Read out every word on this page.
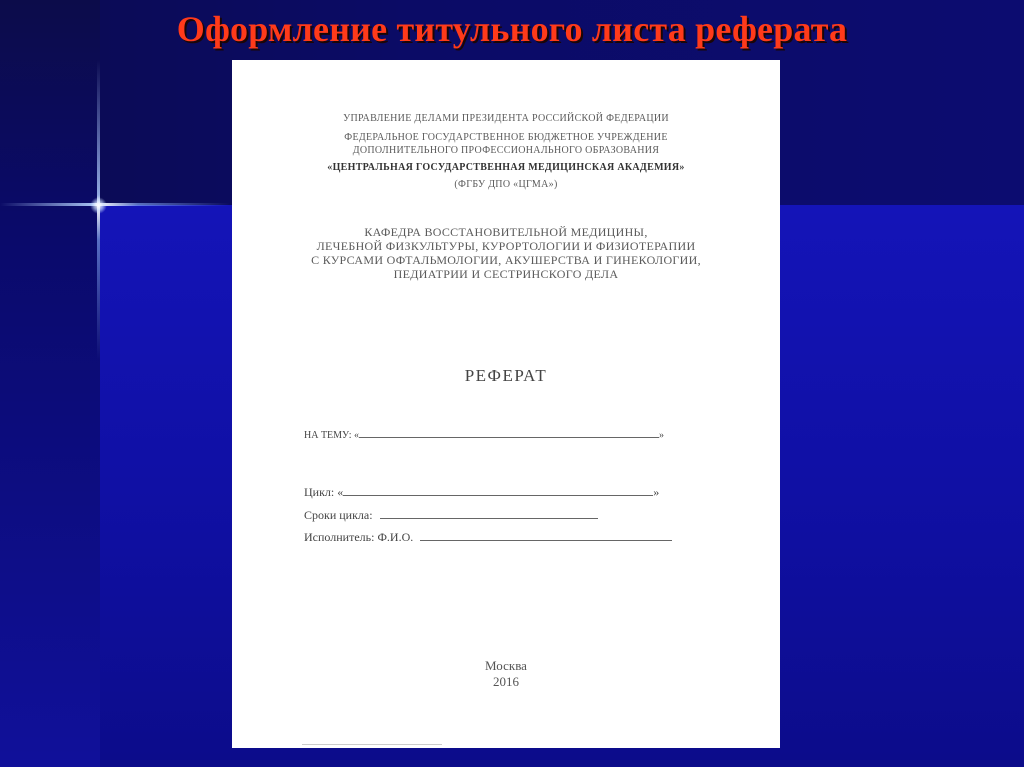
Оформление титульного листа реферата
УПРАВЛЕНИЕ ДЕЛАМИ ПРЕЗИДЕНТА РОССИЙСКОЙ ФЕДЕРАЦИИ
ФЕДЕРАЛЬНОЕ ГОСУДАРСТВЕННОЕ БЮДЖЕТНОЕ УЧРЕЖДЕНИЕ
ДОПОЛНИТЕЛЬНОГО ПРОФЕССИОНАЛЬНОГО ОБРАЗОВАНИЯ
«ЦЕНТРАЛЬНАЯ ГОСУДАРСТВЕННАЯ МЕДИЦИНСКАЯ АКАДЕМИЯ»
(ФГБУ ДПО «ЦГМА»)
КАФЕДРА ВОССТАНОВИТЕЛЬНОЙ МЕДИЦИНЫ,
ЛЕЧЕБНОЙ ФИЗКУЛЬТУРЫ, КУРОРТОЛОГИИ И ФИЗИОТЕРАПИИ
С КУРСАМИ ОФТАЛЬМОЛОГИИ, АКУШЕРСТВА И ГИНЕКОЛОГИИ,
ПЕДИАТРИИ И СЕСТРИНСКОГО ДЕЛА
РЕФЕРАТ
НА ТЕМУ: «	»
Цикл: «	»
Сроки цикла:
Исполнитель: Ф.И.О.
Москва
2016
